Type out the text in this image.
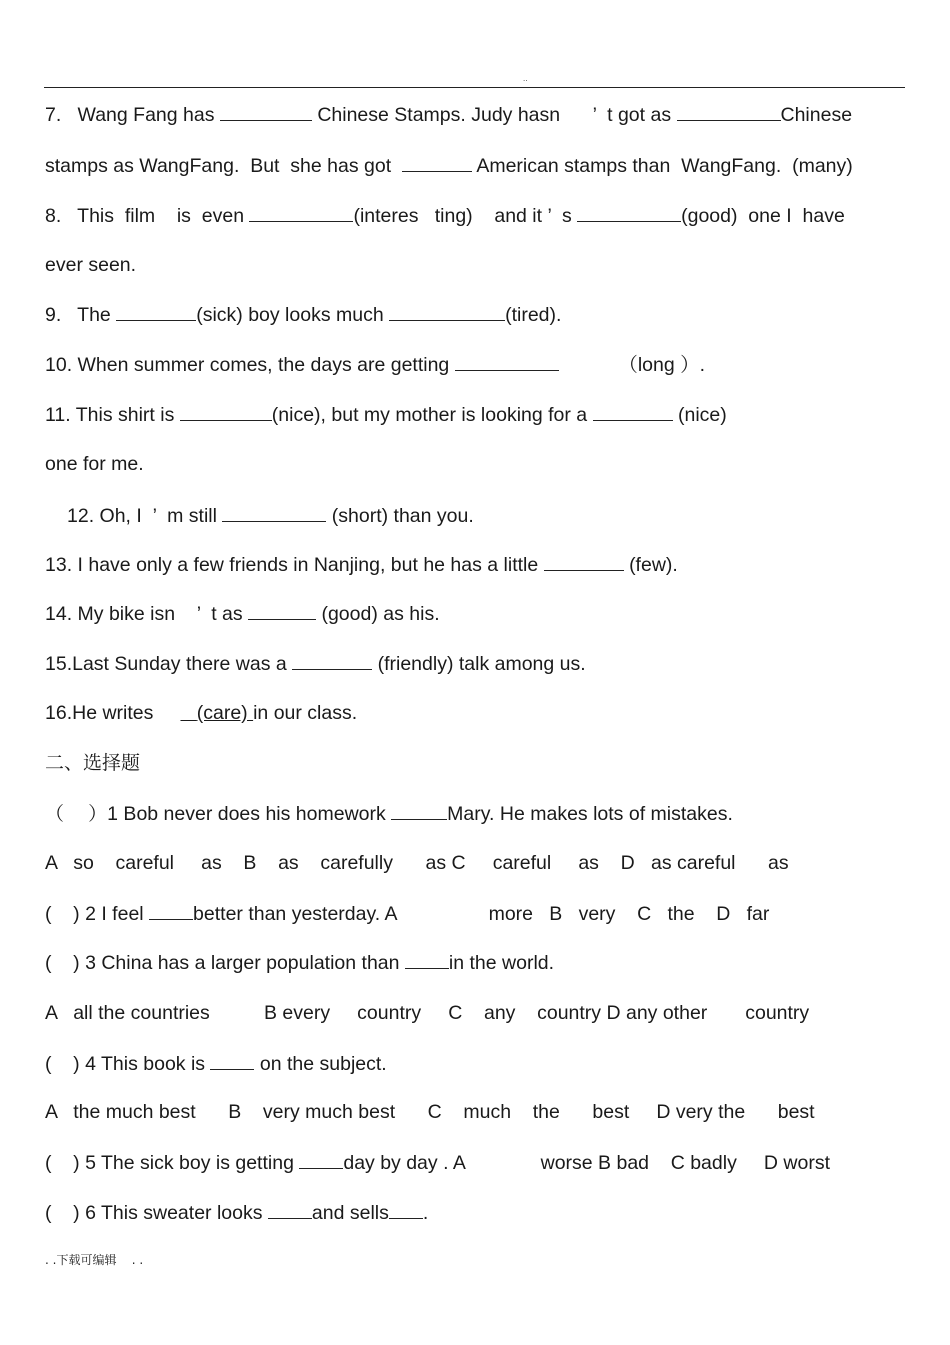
..
7. Wang Fang has	Chinese Stamps. Judy hasn ’ t got as	Chinese
stamps as WangFang.  But  she has got	American stamps than  WangFang.  (many)
8. This  film    is  even	(interes   ting) and it ’ s	(good)  one I  have
ever seen.
9. The	(sick) boy looks much	(tired).
10. When summer comes, the days are getting	（long ）.
11. This shirt is	(nice), but my mother is looking for a	(nice)
one for me.
12. Oh, I ’ m still	(short) than you.
13. I have only a few friends in Nanjing, but he has a little	(few).
14. My bike isn ’ t as	(good) as his.
15.Last Sunday there was a	(friendly) talk among us.
16.He writes (care) in our class.
二、选择题
（    ）1 Bob never does his homework	Mary. He makes lots of mistakes.
A so careful as B as carefully as C careful as D as careful as
( ) 2 I feel	better than yesterday. A	more B very C the D far
( ) 3 China has a larger population than	in the world.
A all the countries	B every country C any country D any other country
( ) 4 This book is	on the subject.
A the much best B very much best C much the best D very the best
( ) 5 The sick boy is getting	day by day . A	worse B bad C badly D worst
( ) 6 This sweater looks	and sells .
. .下载可编辑    . .
